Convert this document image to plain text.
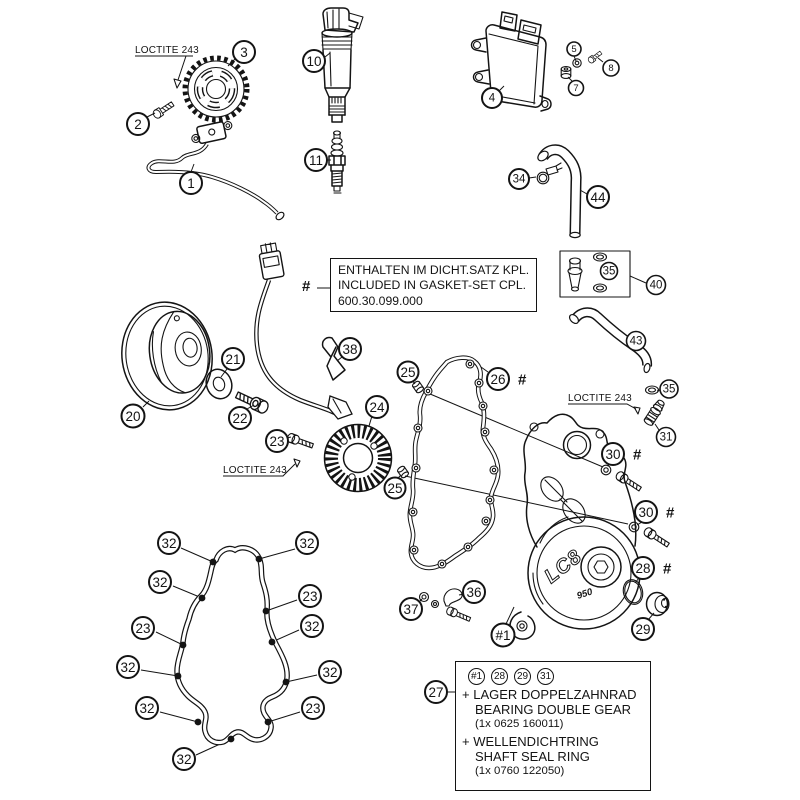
LC8
950
LOCTITE 243
LOCTITE 243
LOCTITE 243
2
3
1
10
11
4
5
7
8
34
44
35
40
43
35
31
20
21
22
23
24
38
25
25
26 #
30 #
30 #
28 #
29
37
36
#1
27
32	32
32
23
23	32
32	32
32	23
32
#
ENTHALTEN IM DICHT.SATZ KPL.
INCLUDED IN GASKET-SET CPL.
600.30.099.000
#1 28 29 31
+ LAGER DOPPELZAHNRAD
BEARING DOUBLE GEAR
(1x 0625 160011)
+ WELLENDICHTRING
SHAFT SEAL RING
(1x 0760 122050)
